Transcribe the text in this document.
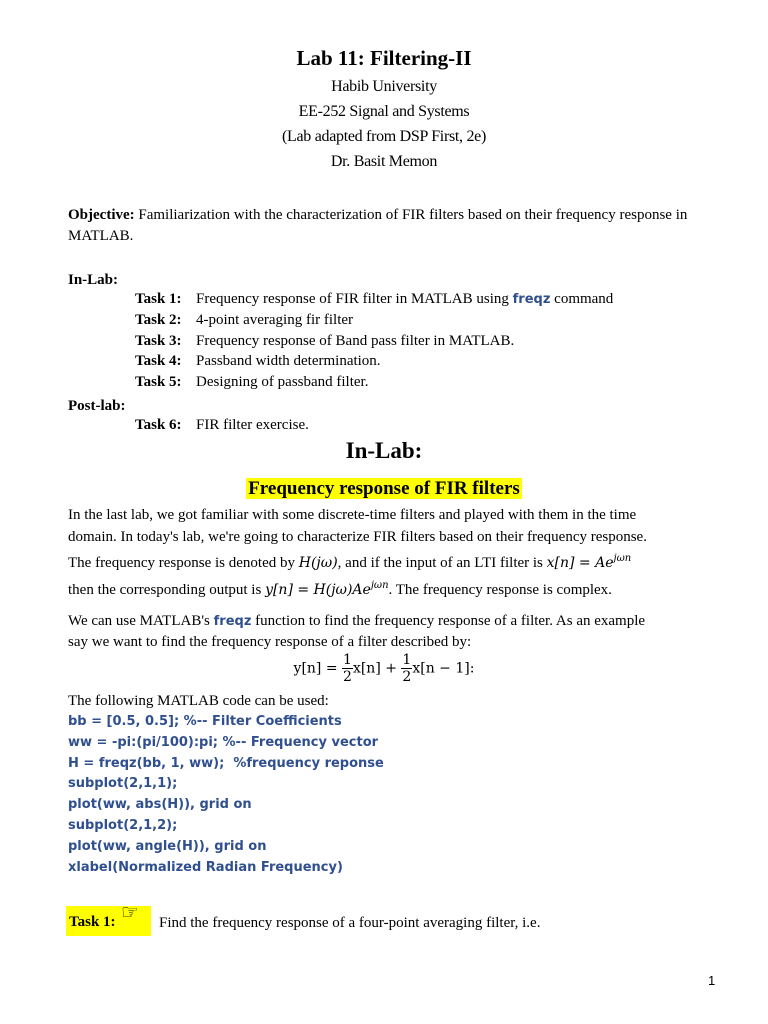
Lab 11: Filtering-II
Habib University
EE-252 Signal and Systems
(Lab adapted from DSP First, 2e)
Dr. Basit Memon
Objective: Familiarization with the characterization of FIR filters based on their frequency response in MATLAB.
In-Lab:
Task 1: Frequency response of FIR filter in MATLAB using freqz command
Task 2: 4-point averaging fir filter
Task 3: Frequency response of Band pass filter in MATLAB.
Task 4: Passband width determination.
Task 5: Designing of passband filter.
Post-lab:
Task 6: FIR filter exercise.
In-Lab:
Frequency response of FIR filters
In the last lab, we got familiar with some discrete-time filters and played with them in the time
domain. In today's lab, we're going to characterize FIR filters based on their frequency response.
The frequency response is denoted by H(jω), and if the input of an LTI filter is $x[n] = Ae^{j\omega n}$
then the corresponding output is $y[n] = H(j\omega)Ae^{j\omega n}$. The frequency response is complex.
We can use MATLAB's freqz function to find the frequency response of a filter. As an example
say we want to find the frequency response of a filter described by:
$y[n] = \frac{1}{2} x[n] + \frac{1}{2} x[n - 1]$:
The following MATLAB code can be used:
bb = [0.5, 0.5]; %-- Filter Coefficients
ww = -pi:(pi/100):pi; %-- Frequency vector
H = freqz(bb, 1, ww);  %frequency reponse
subplot(2,1,1);
plot(ww, abs(H)), grid on
subplot(2,1,2);
plot(ww, angle(H)), grid on
xlabel(Normalized Radian Frequency)
Task 1: ☞ Find the frequency response of a four-point averaging filter, i.e.
1
